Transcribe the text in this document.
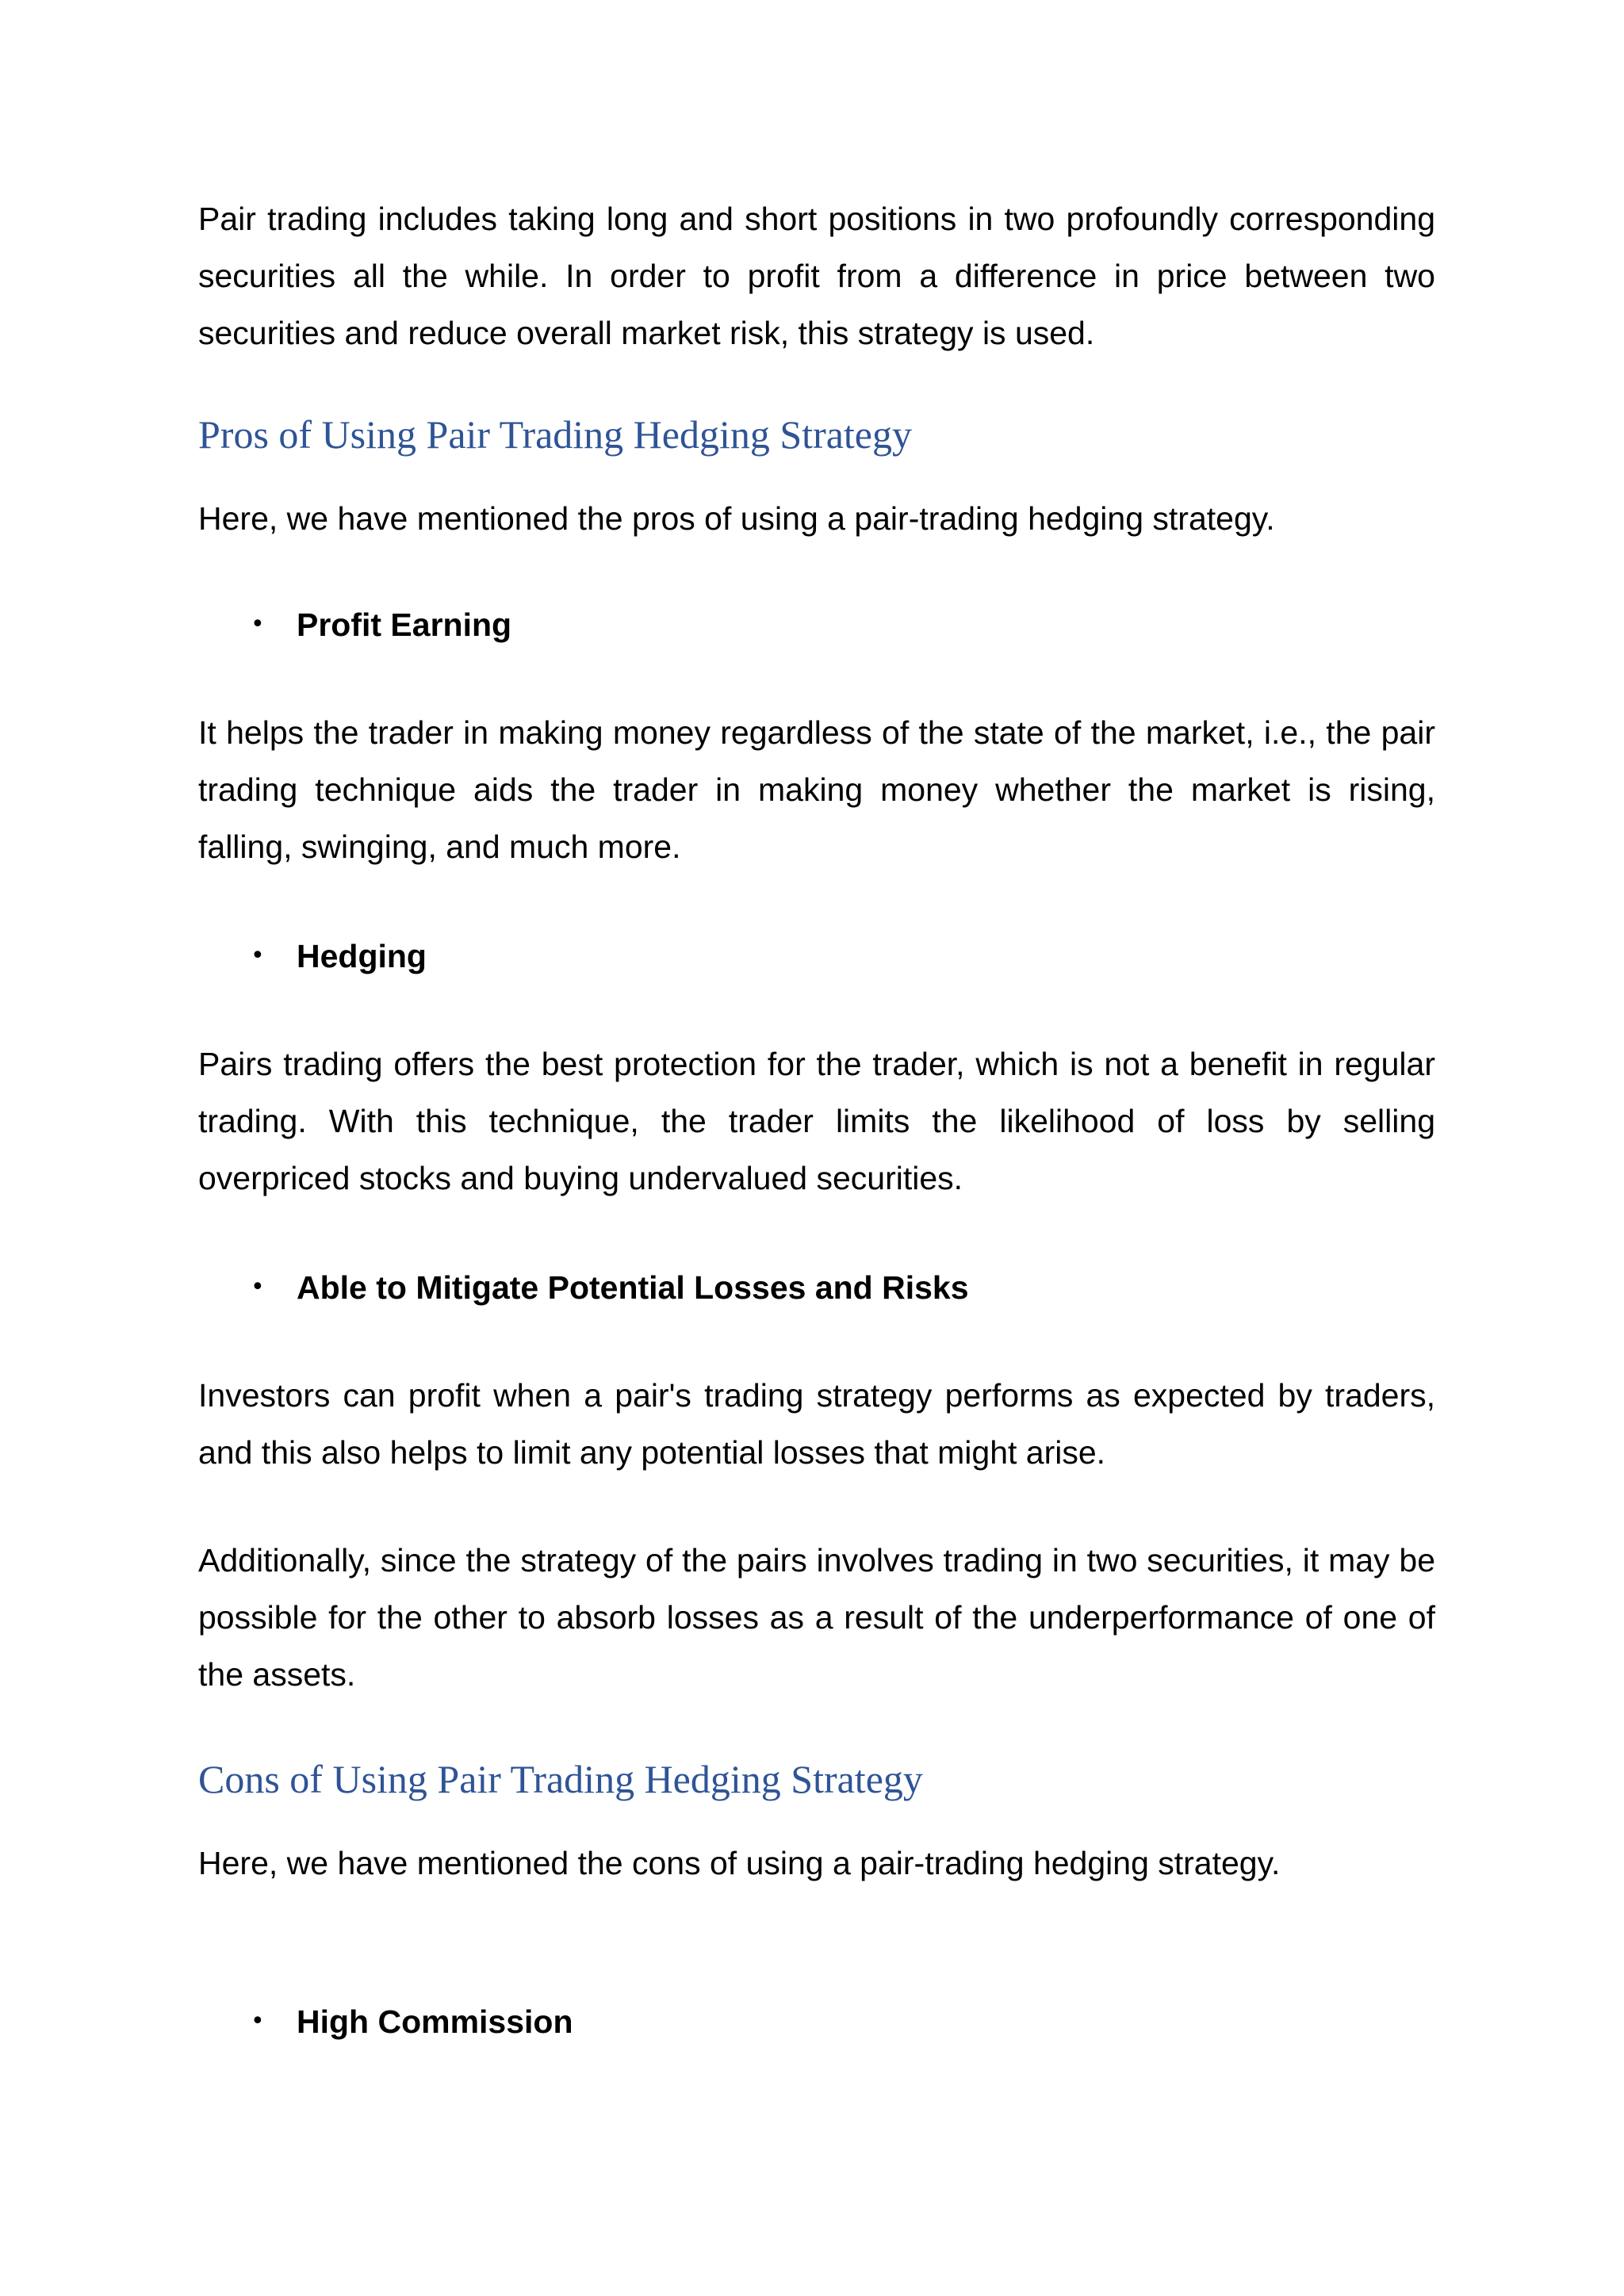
Pair trading includes taking long and short positions in two profoundly corresponding securities all the while. In order to profit from a difference in price between two securities and reduce overall market risk, this strategy is used.

Pros of Using Pair Trading Hedging Strategy

Here, we have mentioned the pros of using a pair-trading hedging strategy.

• Profit Earning

It helps the trader in making money regardless of the state of the market, i.e., the pair trading technique aids the trader in making money whether the market is rising, falling, swinging, and much more.

• Hedging

Pairs trading offers the best protection for the trader, which is not a benefit in regular trading. With this technique, the trader limits the likelihood of loss by selling overpriced stocks and buying undervalued securities.

• Able to Mitigate Potential Losses and Risks

Investors can profit when a pair's trading strategy performs as expected by traders, and this also helps to limit any potential losses that might arise.

Additionally, since the strategy of the pairs involves trading in two securities, it may be possible for the other to absorb losses as a result of the underperformance of one of the assets.

Cons of Using Pair Trading Hedging Strategy

Here, we have mentioned the cons of using a pair-trading hedging strategy.

• High Commission
